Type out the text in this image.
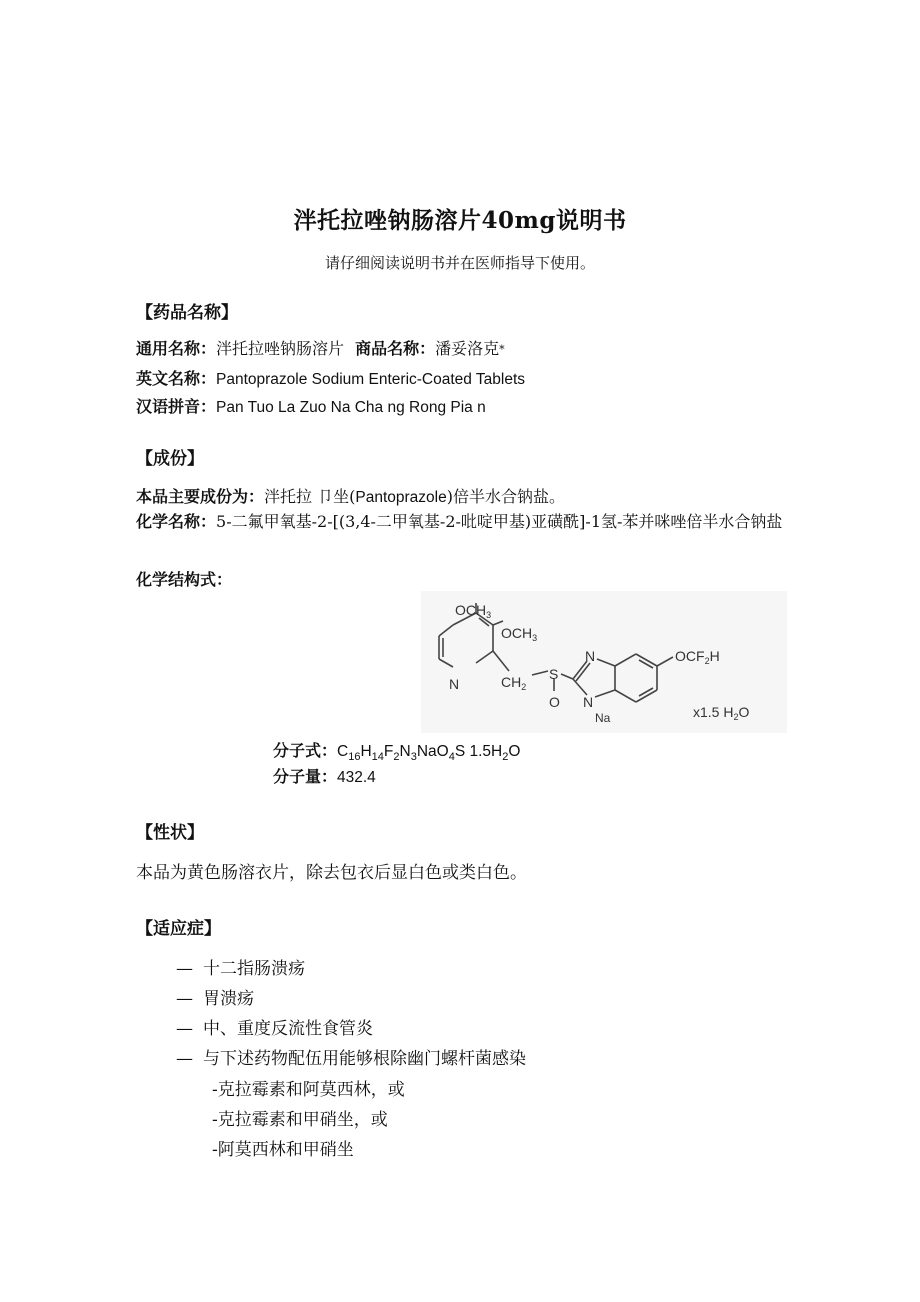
泮托拉唑钠肠溶片40mg说明书
请仔细阅读说明书并在医师指导下使用。
【药品名称】
通用名称：泮托拉唑钠肠溶片 商品名称：潘妥洛克*
英文名称：Pantoprazole Sodium Enteric-Coated Tablets
汉语拼音：Pan Tuo La Zuo Na Cha ng Rong Pia n
【成份】
本品主要成份为：泮托拉 卩坐(Pantoprazole)倍半水合钠盐。
化学名称：5-二氟甲氧基-2-[(3,4-二甲氧基-2-吡啶甲基)亚磺酰]-1氢-苯并咪唑倍半水合钠盐
化学结构式：
$OCH_3$
$OCH_3$
N	$CH_2$
S
O
N
N
Na
$OCF_2H$
x1.5 $H_2O$
分子式：$C_{16}H_{14}F_2N_3NaO_4S$ $1.5H_2O$
分子量：432.4
【性状】
本品为黄色肠溶衣片，除去包衣后显白色或类白色。
【适应症】
— 十二指肠溃疡
— 胃溃疡
— 中、重度反流性食管炎
— 与下述药物配伍用能够根除幽门螺杆菌感染
-克拉霉素和阿莫西林，或
-克拉霉素和甲硝坐，或
-阿莫西林和甲硝坐
